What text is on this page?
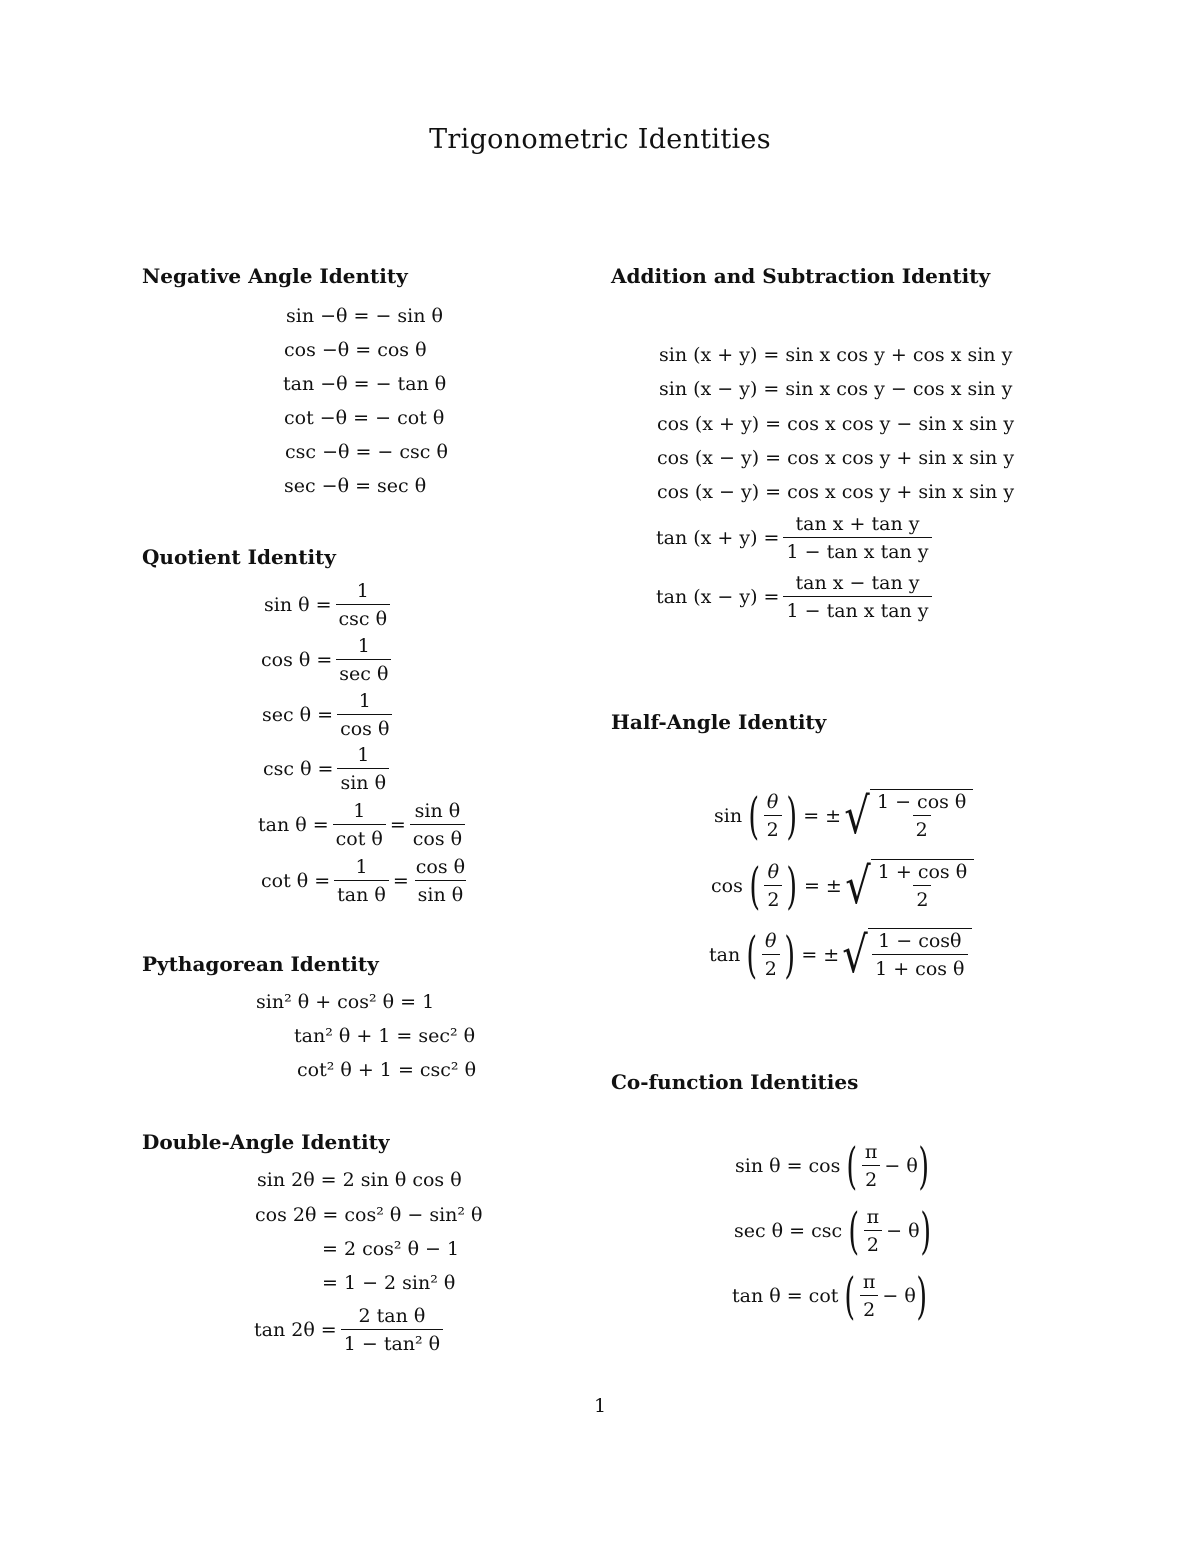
Trigonometric Identities
Negative Angle Identity
sin −θ = − sin θ
cos −θ = cos θ
tan −θ = − tan θ
cot −θ = − cot θ
csc −θ = − csc θ
sec −θ = sec θ
Quotient Identity
$\sin \theta = \frac{1}{\text{csc θ}}$
$\cos \theta = \frac{1}{\text{sec θ}}$
$\sec \theta = \frac{1}{\text{cos θ}}$
$\csc \theta = \frac{1}{\text{sin θ}}$
$\tan \theta = \frac{1}{\text{cot θ}} = \frac{\text{sin θ}}{\text{cos θ}}$
$\cot \theta = \frac{1}{\text{tan θ}} = \frac{\text{cos θ}}{\text{sin θ}}$
Pythagorean Identity
sin² θ + cos² θ = 1
tan² θ + 1 = sec² θ
cot² θ + 1 = csc² θ
Double-Angle Identity
sin 2θ = 2 sin θ cos θ
cos 2θ = cos² θ − sin² θ
= 2 cos² θ − 1
= 1 − 2 sin² θ
$\tan 2\theta = \frac{\text{2 tan θ}}{\text{1 − tan² θ}}$
Addition and Subtraction Identity
sin (x + y) = sin x cos y + cos x sin y
sin (x − y) = sin x cos y − cos x sin y
cos (x + y) = cos x cos y − sin x sin y
cos (x − y) = cos x cos y + sin x sin y
cos (x − y) = cos x cos y + sin x sin y
$\tan (x + y) = \frac{\text{tan x + tan y}}{\text{1 − tan x tan y}}$
$\tan (x - y) = \frac{\text{tan x − tan y}}{\text{1 − tan x tan y}}$
Half-Angle Identity
sin ( $\frac{\theta}{2}$ ) = ± √ $\frac{\text{1 − cos θ}}{2}$
cos ( $\frac{\theta}{2}$ ) = ± √ $\frac{\text{1 + cos θ}}{2}$
tan ( $\frac{\theta}{2}$ ) = ± √ $\frac{1 - \cos\theta}{\text{1 + cos θ}}$
Co-function Identities
sin θ = cos ( $\frac{\pi}{2} - \theta$ )
sec θ = csc ( $\frac{\pi}{2} - \theta$ )
tan θ = cot ( $\frac{\pi}{2} - \theta$ )
1
